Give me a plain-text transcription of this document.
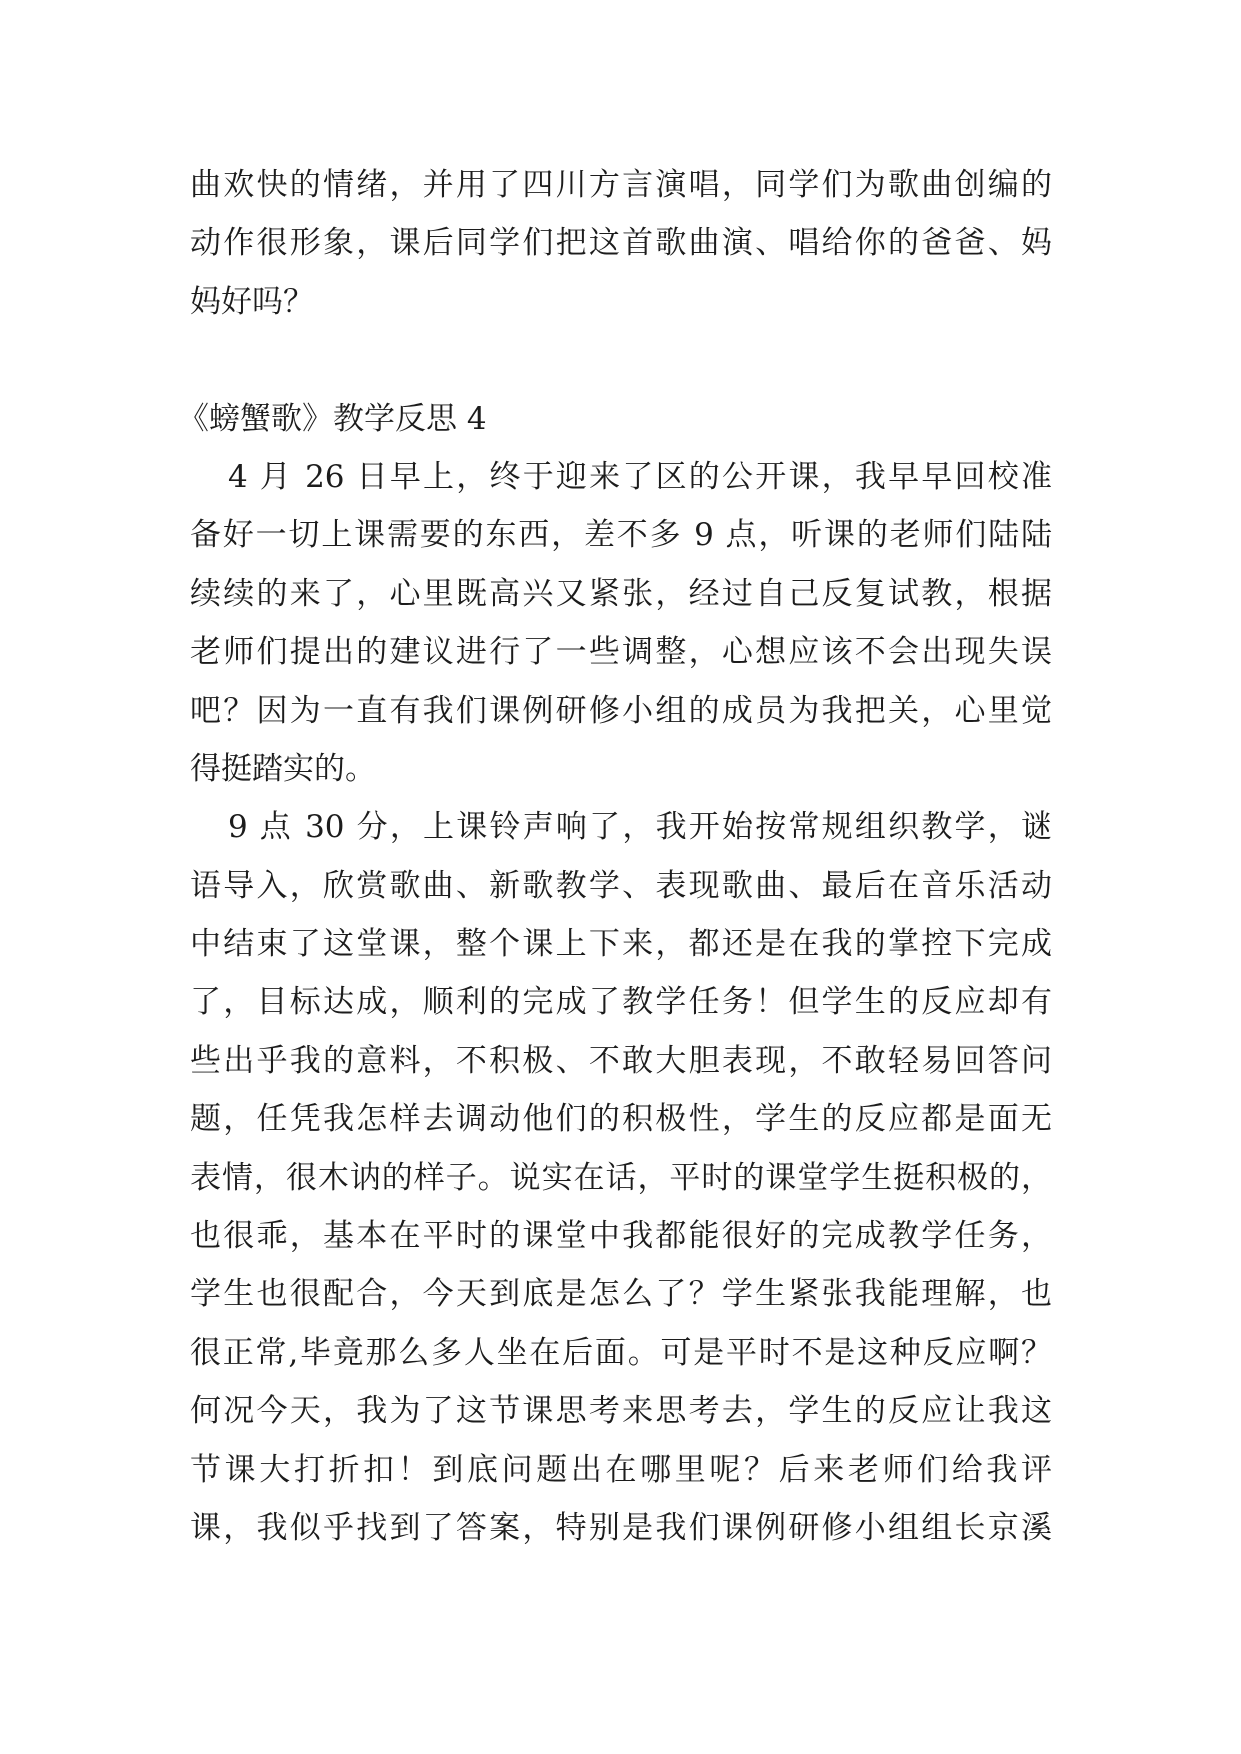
曲欢快的情绪，并用了四川方言演唱，同学们为歌曲创编的
动作很形象，课后同学们把这首歌曲演、唱给你的爸爸、妈
妈好吗？
《螃蟹歌》教学反思 4
4 月 26 日早上，终于迎来了区的公开课，我早早回校准
备好一切上课需要的东西，差不多 9 点，听课的老师们陆陆
续续的来了，心里既高兴又紧张，经过自己反复试教，根据
老师们提出的建议进行了一些调整，心想应该不会出现失误
吧？因为一直有我们课例研修小组的成员为我把关，心里觉
得挺踏实的。
9 点 30 分，上课铃声响了，我开始按常规组织教学，谜
语导入，欣赏歌曲、新歌教学、表现歌曲、最后在音乐活动
中结束了这堂课，整个课上下来，都还是在我的掌控下完成
了，目标达成，顺利的完成了教学任务！但学生的反应却有
些出乎我的意料，不积极、不敢大胆表现，不敢轻易回答问
题，任凭我怎样去调动他们的积极性，学生的反应都是面无
表情，很木讷的样子。说实在话，平时的课堂学生挺积极的，
也很乖，基本在平时的课堂中我都能很好的完成教学任务，
学生也很配合，今天到底是怎么了？学生紧张我能理解，也
很正常,毕竟那么多人坐在后面。可是平时不是这种反应啊？
何况今天，我为了这节课思考来思考去，学生的反应让我这
节课大打折扣！到底问题出在哪里呢？后来老师们给我评
课，我似乎找到了答案，特别是我们课例研修小组组长京溪
